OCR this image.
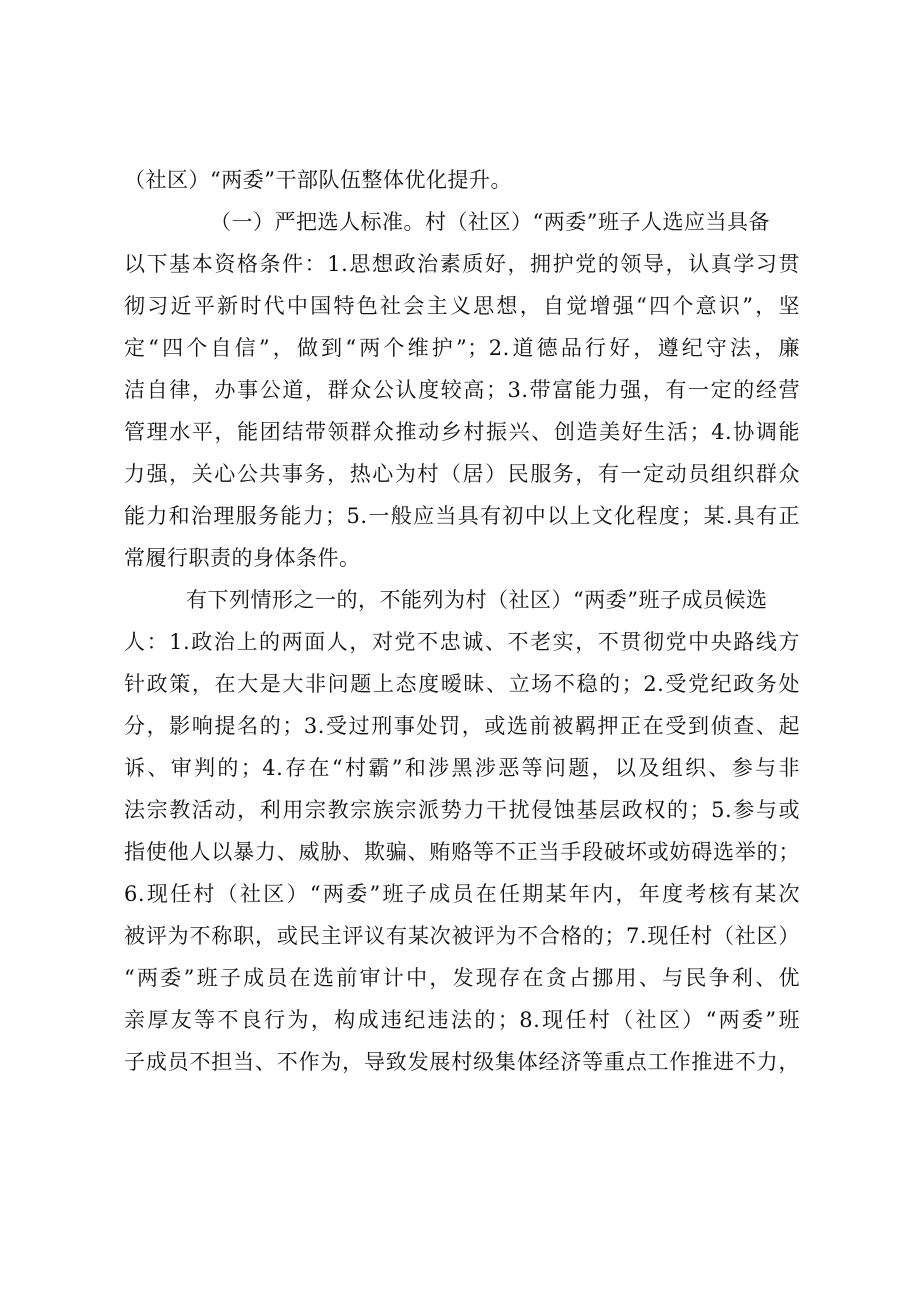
（社区）“两委”干部队伍整体优化提升。
（一）严把选人标准。村（社区）“两委”班子人选应当具备
以下基本资格条件：1.思想政治素质好，拥护党的领导，认真学习贯
彻习近平新时代中国特色社会主义思想，自觉增强“四个意识”，坚
定“四个自信”，做到“两个维护”；2.道德品行好，遵纪守法，廉
洁自律，办事公道，群众公认度较高；3.带富能力强，有一定的经营
管理水平，能团结带领群众推动乡村振兴、创造美好生活；4.协调能
力强，关心公共事务，热心为村（居）民服务，有一定动员组织群众
能力和治理服务能力；5.一般应当具有初中以上文化程度；某.具有正
常履行职责的身体条件。
有下列情形之一的，不能列为村（社区）“两委”班子成员候选
人：1.政治上的两面人，对党不忠诚、不老实，不贯彻党中央路线方
针政策，在大是大非问题上态度暧昧、立场不稳的；2.受党纪政务处
分，影响提名的；3.受过刑事处罚，或选前被羁押正在受到侦查、起
诉、审判的；4.存在“村霸”和涉黑涉恶等问题，以及组织、参与非
法宗教活动，利用宗教宗族宗派势力干扰侵蚀基层政权的；5.参与或
指使他人以暴力、威胁、欺骗、贿赂等不正当手段破坏或妨碍选举的；
6.现任村（社区）“两委”班子成员在任期某年内，年度考核有某次
被评为不称职，或民主评议有某次被评为不合格的；7.现任村（社区）
“两委”班子成员在选前审计中，发现存在贪占挪用、与民争利、优
亲厚友等不良行为，构成违纪违法的；8.现任村（社区）“两委”班
子成员不担当、不作为，导致发展村级集体经济等重点工作推进不力，
